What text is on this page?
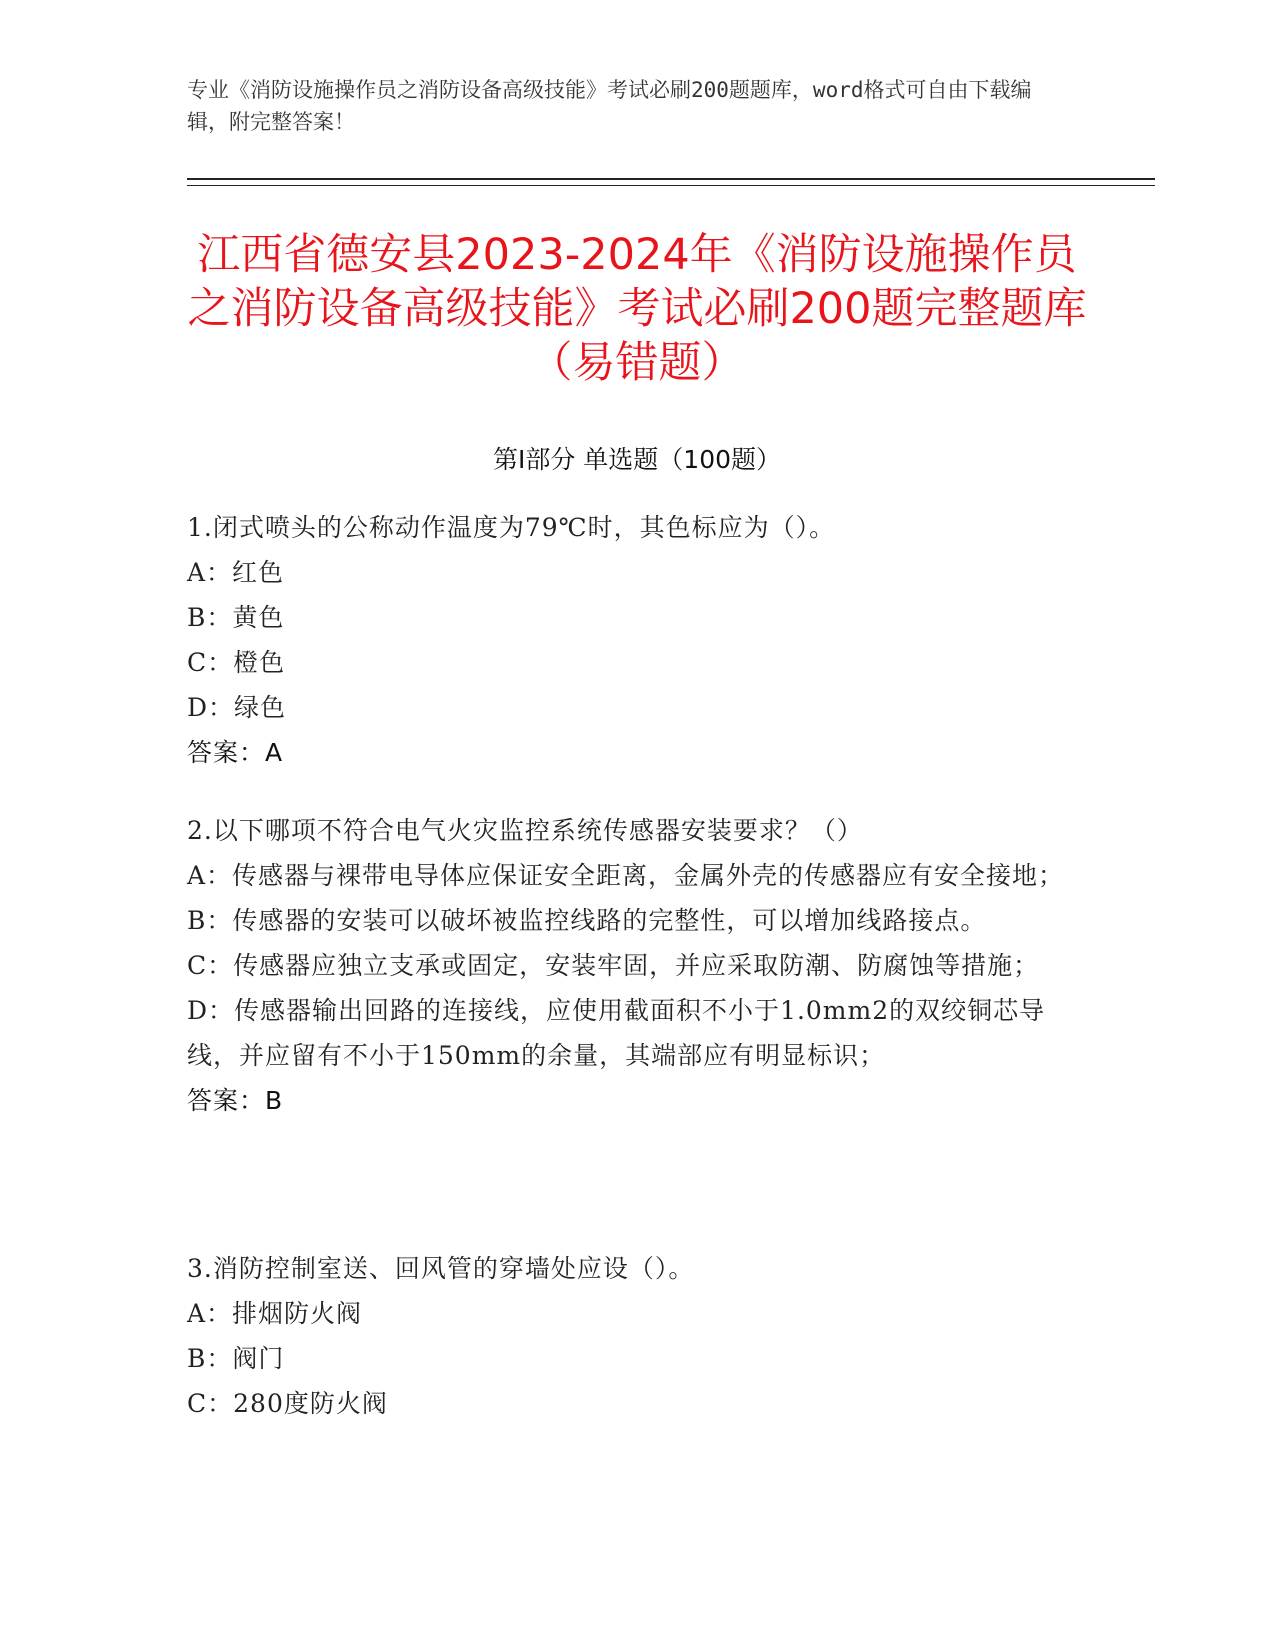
专业《消防设施操作员之消防设备高级技能》考试必刷200题题库，word格式可自由下载编辑，附完整答案！
江西省德安县2023-2024年《消防设施操作员之消防设备高级技能》考试必刷200题完整题库（易错题）
第Ⅰ部分 单选题（100题）
1.闭式喷头的公称动作温度为79℃时，其色标应为（）。
A：红色
B：黄色
C：橙色
D：绿色
答案：A
2.以下哪项不符合电气火灾监控系统传感器安装要求？（）
A：传感器与裸带电导体应保证安全距离，金属外壳的传感器应有安全接地；
B：传感器的安装可以破坏被监控线路的完整性，可以增加线路接点。
C：传感器应独立支承或固定，安装牢固，并应采取防潮、防腐蚀等措施；
D：传感器输出回路的连接线，应使用截面积不小于1.0mm2的双绞铜芯导线，并应留有不小于150mm的余量，其端部应有明显标识；
答案：B
3.消防控制室送、回风管的穿墙处应设（）。
A：排烟防火阀
B：阀门
C：280度防火阀
